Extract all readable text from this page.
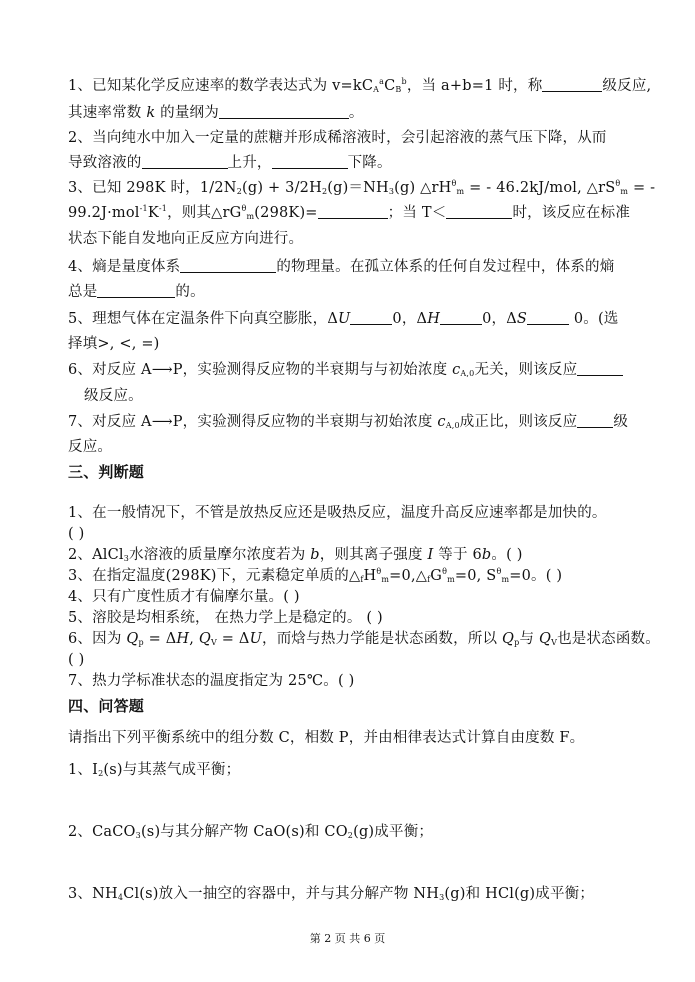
1、已知某化学反应速率的数学表达式为 $v=kC_A^aC_B^b$，当 a+b=1 时，称	级反应,
其速率常数 k 的量纲为	。
2、当向纯水中加入一定量的蔗糖并形成稀溶液时，会引起溶液的蒸气压下降，从而
导致溶液的	上升，	下降。
3、已知 298K 时，$1/2N_2(g) + 3/2H_2(g)=NH_3(g)$ $\triangle rH^\theta_m$ = - 46.2kJ/mol, $\triangle rS^\theta_m$ = -
$99.2J\cdot mol^{-1}K^{-1}$，则其$\triangle rG^\theta_m(298K)=$	；当 T＜	时，该反应在标准
状态下能自发地向正反应方向进行。
4、熵是量度体系	的物理量。在孤立体系的任何自发过程中，体系的熵
总是	的。
5、理想气体在定温条件下向真空膨胀，ΔU	0，ΔH	0，ΔS	0。(选
择填>, <, =)
6、对反应 A⟶P，实验测得反应物的半衰期与与初始浓度 $c_{A,0}$无关，则该反应
级反应。
7、对反应 A⟶P，实验测得反应物的半衰期与初始浓度 $c_{A,0}$成正比，则该反应 级
反应。
三、判断题
1、在一般情况下，不管是放热反应还是吸热反应，温度升高反应速率都是加快的。
( )
2、AlCl$_3$水溶液的质量摩尔浓度若为 b，则其离子强度 I 等于 6b。( )
3、在指定温度(298K)下，元素稳定单质的$\triangle_fH^\theta_m=0,\triangle_fG^\theta_m=0$, $S^\theta_m=0$。( )
4、只有广度性质才有偏摩尔量。( )
5、溶胶是均相系统， 在热力学上是稳定的。 ( )
6、因为 $Q_p = \Delta H$, $Q_V = \Delta U$，而焓与热力学能是状态函数，所以 $Q_p$与 $Q_V$也是状态函数。
( )
7、热力学标准状态的温度指定为 25℃。( )
四、问答题
请指出下列平衡系统中的组分数 C，相数 P，并由相律表达式计算自由度数 F。
1、$I_2(s)$与其蒸气成平衡；
2、CaCO$_3$(s)与其分解产物 CaO(s)和 $CO_2(g)$成平衡；
3、$NH_4Cl(s)$放入一抽空的容器中，并与其分解产物 $NH_3(g)$和 HCl(g)成平衡；
第 2 页 共 6 页
